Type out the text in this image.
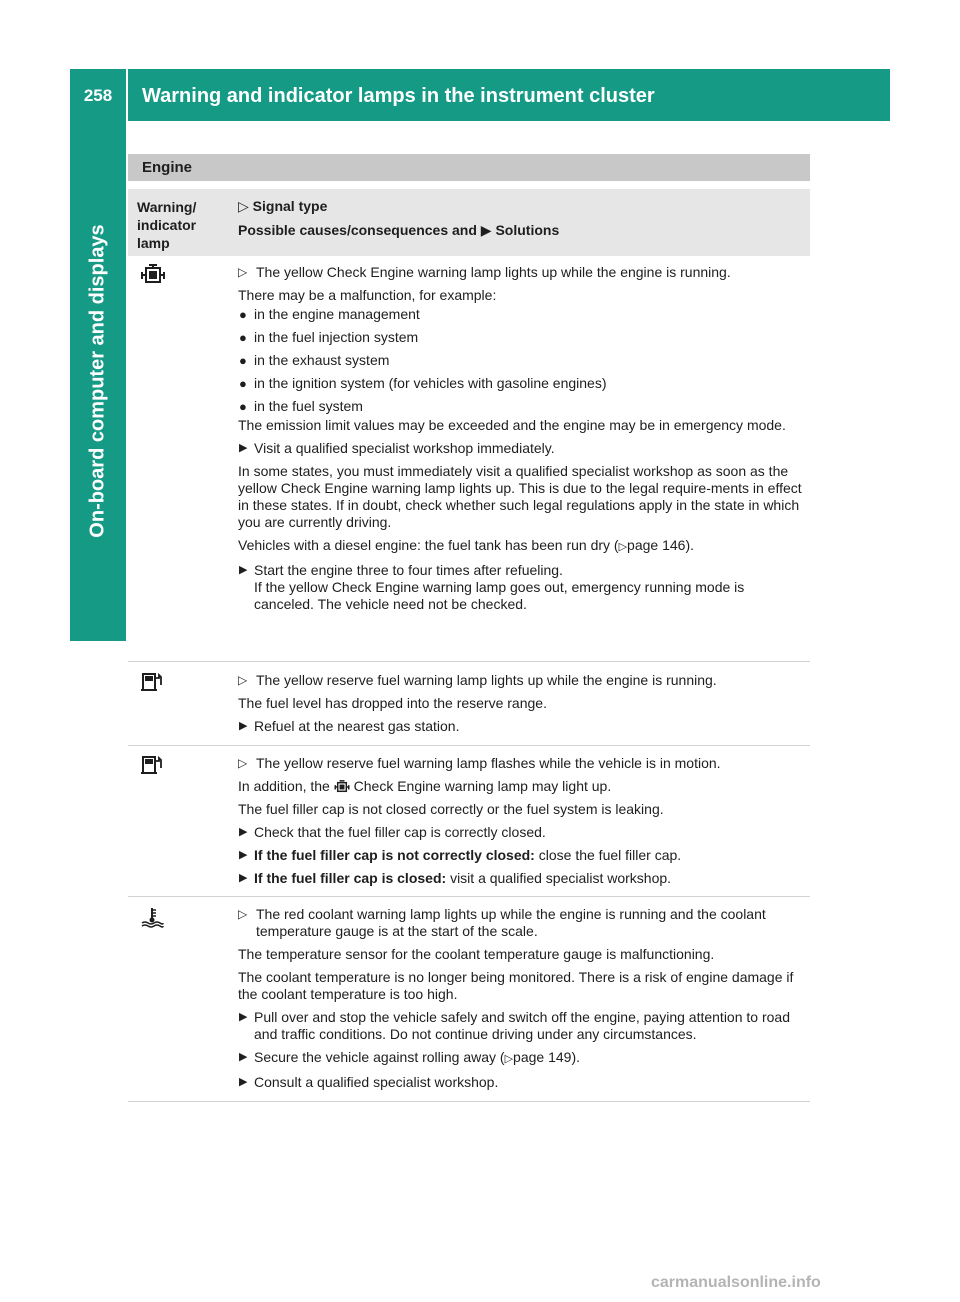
258	Warning and indicator lamps in the instrument cluster
On-board computer and displays
Engine
Warning/
indicator
lamp
▷ Signal type
Possible causes/consequences and ▶ Solutions

▷ The yellow Check Engine warning lamp lights up while the engine is running.

There may be a malfunction, for example:

● in the engine management

● in the fuel injection system

● in the exhaust system

● in the ignition system (for vehicles with gasoline engines)

● in the fuel system

The emission limit values may be exceeded and the engine may be in emergency mode.

▶ Visit a qualified specialist workshop immediately.

In some states, you must immediately visit a qualified specialist workshop as soon as the yellow Check Engine warning lamp lights up. This is due to the legal require-ments in effect in these states. If in doubt, check whether such legal regulations apply in the state in which you are currently driving.

Vehicles with a diesel engine: the fuel tank has been run dry (▷page 146).

▶ Start the engine three to four times after refueling.
If the yellow Check Engine warning lamp goes out, emergency running mode is canceled. The vehicle need not be checked.

▷ The yellow reserve fuel warning lamp lights up while the engine is running.

The fuel level has dropped into the reserve range.

▶ Refuel at the nearest gas station.

▷ The yellow reserve fuel warning lamp flashes while the vehicle is in motion.

In addition, the Check Engine warning lamp may light up.

The fuel filler cap is not closed correctly or the fuel system is leaking.

▶ Check that the fuel filler cap is correctly closed.

▶ If the fuel filler cap is not correctly closed: close the fuel filler cap.

▶ If the fuel filler cap is closed: visit a qualified specialist workshop.

▷ The red coolant warning lamp lights up while the engine is running and the coolant temperature gauge is at the start of the scale.

The temperature sensor for the coolant temperature gauge is malfunctioning.

The coolant temperature is no longer being monitored. There is a risk of engine damage if the coolant temperature is too high.

▶ Pull over and stop the vehicle safely and switch off the engine, paying attention to road and traffic conditions. Do not continue driving under any circumstances.

▶ Secure the vehicle against rolling away (▷page 149).

▶ Consult a qualified specialist workshop.

carmanualsonline.info
